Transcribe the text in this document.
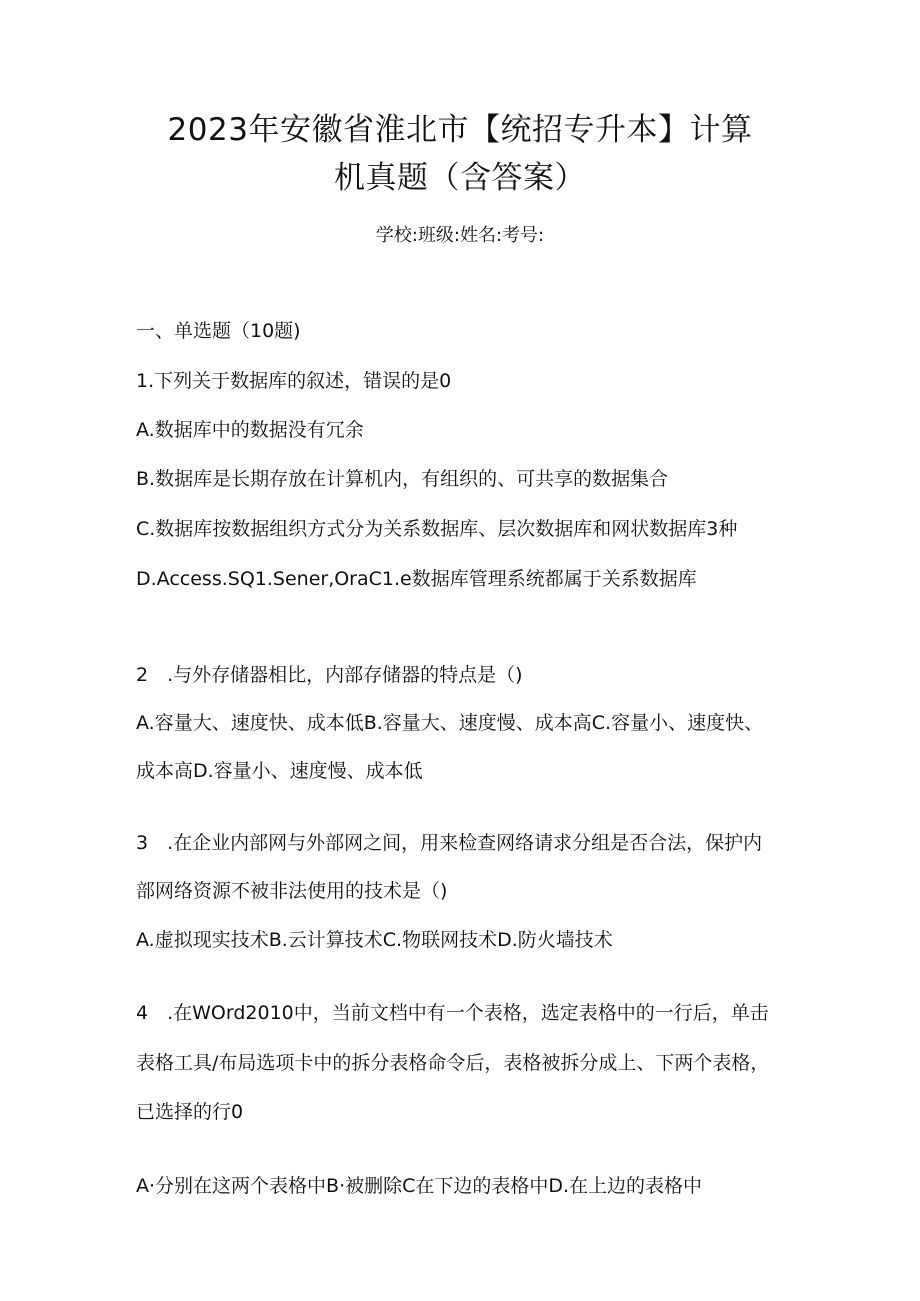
2023年安徽省淮北市【统招专升本】计算
机真题（含答案）
学校:班级:姓名:考号:
一、单选题（10题)
1.下列关于数据库的叙述，错误的是0
A.数据库中的数据没有冗余
B.数据库是长期存放在计算机内，有组织的、可共享的数据集合
C.数据库按数据组织方式分为关系数据库、层次数据库和网状数据库3种
D.Access.SQ1.Sener,OraC1.e数据库管理系统都属于关系数据库
2　.与外存储器相比，内部存储器的特点是（)
A.容量大、速度快、成本低B.容量大、速度慢、成本高C.容量小、速度快、
成本高D.容量小、速度慢、成本低
3　.在企业内部网与外部网之间，用来检查网络请求分组是否合法，保护内
部网络资源不被非法使用的技术是（)
A.虚拟现实技术B.云计算技术C.物联网技术D.防火墙技术
4　.在WOrd2010中，当前文档中有一个表格，选定表格中的一行后，单击
表格工具/布局选项卡中的拆分表格命令后，表格被拆分成上、下两个表格，
已选择的行0
A·分别在这两个表格中B·被删除C在下边的表格中D.在上边的表格中
